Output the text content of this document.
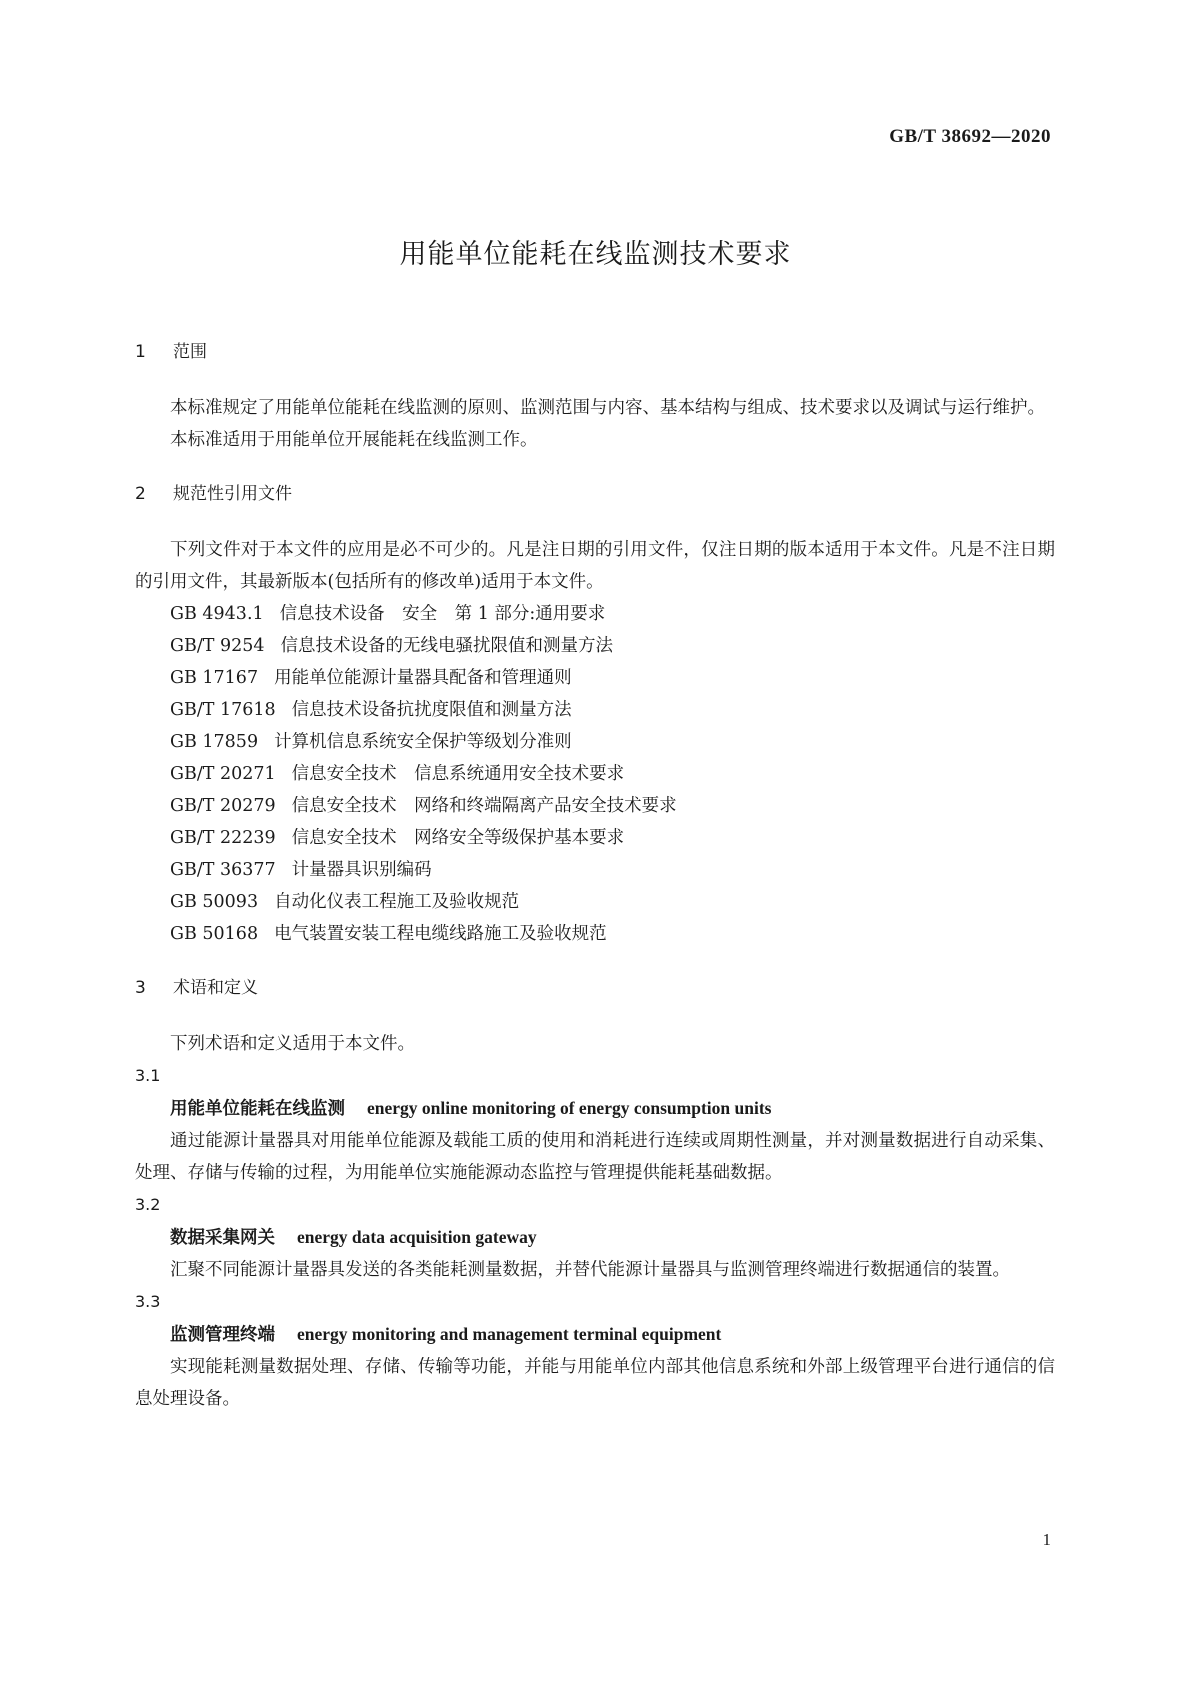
GB/T 38692—2020
用能单位能耗在线监测技术要求
1 范围

本标准规定了用能单位能耗在线监测的原则、监测范围与内容、基本结构与组成、技术要求以及调试与运行维护。

本标准适用于用能单位开展能耗在线监测工作。

2 规范性引用文件

下列文件对于本文件的应用是必不可少的。凡是注日期的引用文件，仅注日期的版本适用于本文件。凡是不注日期的引用文件，其最新版本(包括所有的修改单)适用于本文件。

GB 4943.1 信息技术设备　安全　第 1 部分:通用要求

GB/T 9254 信息技术设备的无线电骚扰限值和测量方法

GB 17167 用能单位能源计量器具配备和管理通则

GB/T 17618 信息技术设备抗扰度限值和测量方法

GB 17859 计算机信息系统安全保护等级划分准则

GB/T 20271 信息安全技术　信息系统通用安全技术要求

GB/T 20279 信息安全技术　网络和终端隔离产品安全技术要求

GB/T 22239 信息安全技术　网络安全等级保护基本要求

GB/T 36377 计量器具识别编码

GB 50093 自动化仪表工程施工及验收规范

GB 50168 电气装置安装工程电缆线路施工及验收规范

3 术语和定义

下列术语和定义适用于本文件。

3.1

用能单位能耗在线监测 energy online monitoring of energy consumption units

通过能源计量器具对用能单位能源及载能工质的使用和消耗进行连续或周期性测量，并对测量数据进行自动采集、处理、存储与传输的过程，为用能单位实施能源动态监控与管理提供能耗基础数据。

3.2

数据采集网关 energy data acquisition gateway

汇聚不同能源计量器具发送的各类能耗测量数据，并替代能源计量器具与监测管理终端进行数据通信的装置。

3.3

监测管理终端 energy monitoring and management terminal equipment

实现能耗测量数据处理、存储、传输等功能，并能与用能单位内部其他信息系统和外部上级管理平台进行通信的信息处理设备。

1
